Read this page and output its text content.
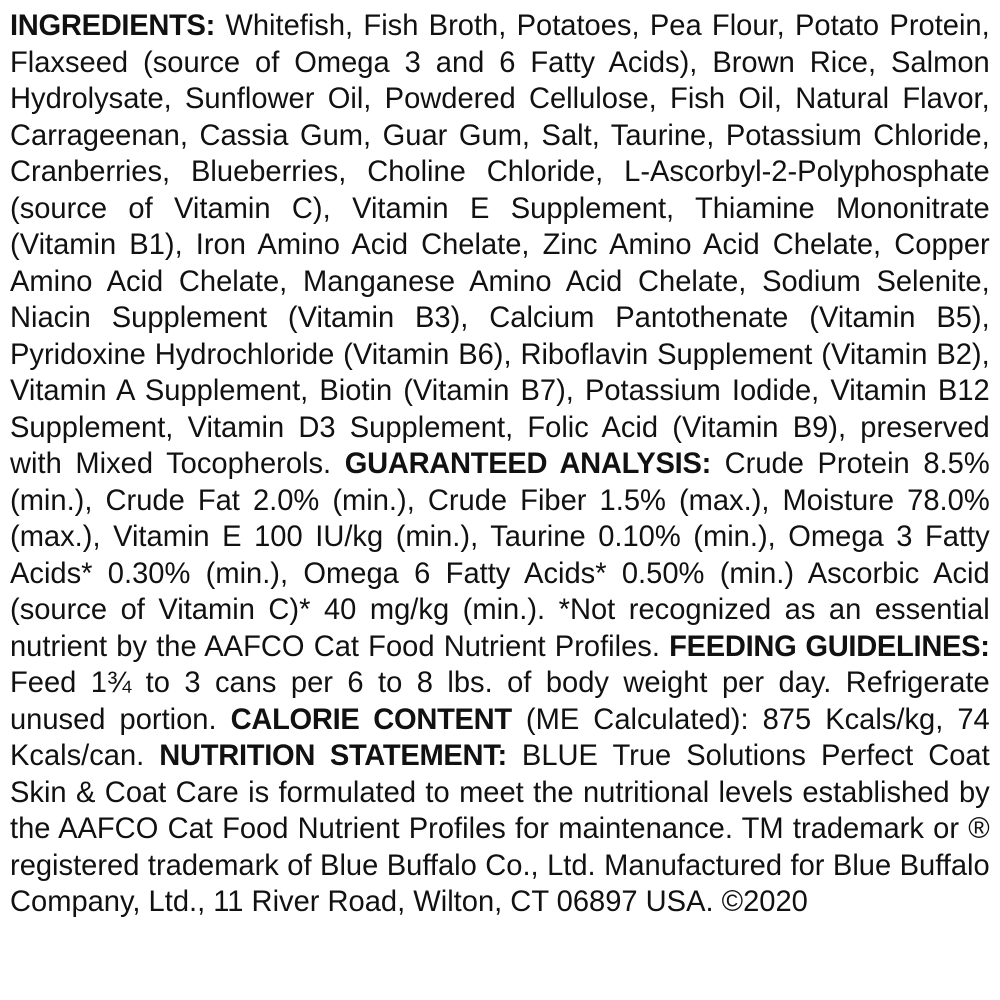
INGREDIENTS: Whitefish, Fish Broth, Potatoes, Pea Flour, Potato Protein, Flaxseed (source of Omega 3 and 6 Fatty Acids), Brown Rice, Salmon Hydrolysate, Sunflower Oil, Powdered Cellulose, Fish Oil, Natural Flavor, Carrageenan, Cassia Gum, Guar Gum, Salt, Taurine, Potassium Chloride, Cranberries, Blueberries, Choline Chloride, L-Ascorbyl-2-Polyphosphate (source of Vitamin C), Vitamin E Supplement, Thiamine Mononitrate (Vitamin B1), Iron Amino Acid Chelate, Zinc Amino Acid Chelate, Copper Amino Acid Chelate, Manganese Amino Acid Chelate, Sodium Selenite, Niacin Supplement (Vitamin B3), Calcium Pantothenate (Vitamin B5), Pyridoxine Hydrochloride (Vitamin B6), Riboflavin Supplement (Vitamin B2), Vitamin A Supplement, Biotin (Vitamin B7), Potassium Iodide, Vitamin B12 Supplement, Vitamin D3 Supplement, Folic Acid (Vitamin B9), preserved with Mixed Tocopherols. GUARANTEED ANALYSIS: Crude Protein 8.5% (min.), Crude Fat 2.0% (min.), Crude Fiber 1.5% (max.), Moisture 78.0% (max.), Vitamin E 100 IU/kg (min.), Taurine 0.10% (min.), Omega 3 Fatty Acids* 0.30% (min.), Omega 6 Fatty Acids* 0.50% (min.) Ascorbic Acid (source of Vitamin C)* 40 mg/kg (min.). *Not recognized as an essential nutrient by the AAFCO Cat Food Nutrient Profiles. FEEDING GUIDELINES: Feed 1¾ to 3 cans per 6 to 8 lbs. of body weight per day. Refrigerate unused portion. CALORIE CONTENT (ME Calculated): 875 Kcals/kg, 74 Kcals/can. NUTRITION STATEMENT: BLUE True Solutions Perfect Coat Skin & Coat Care is formulated to meet the nutritional levels established by the AAFCO Cat Food Nutrient Profiles for maintenance. TM trademark or ® registered trademark of Blue Buffalo Co., Ltd. Manufactured for Blue Buffalo Company, Ltd., 11 River Road, Wilton, CT 06897 USA. ©2020
